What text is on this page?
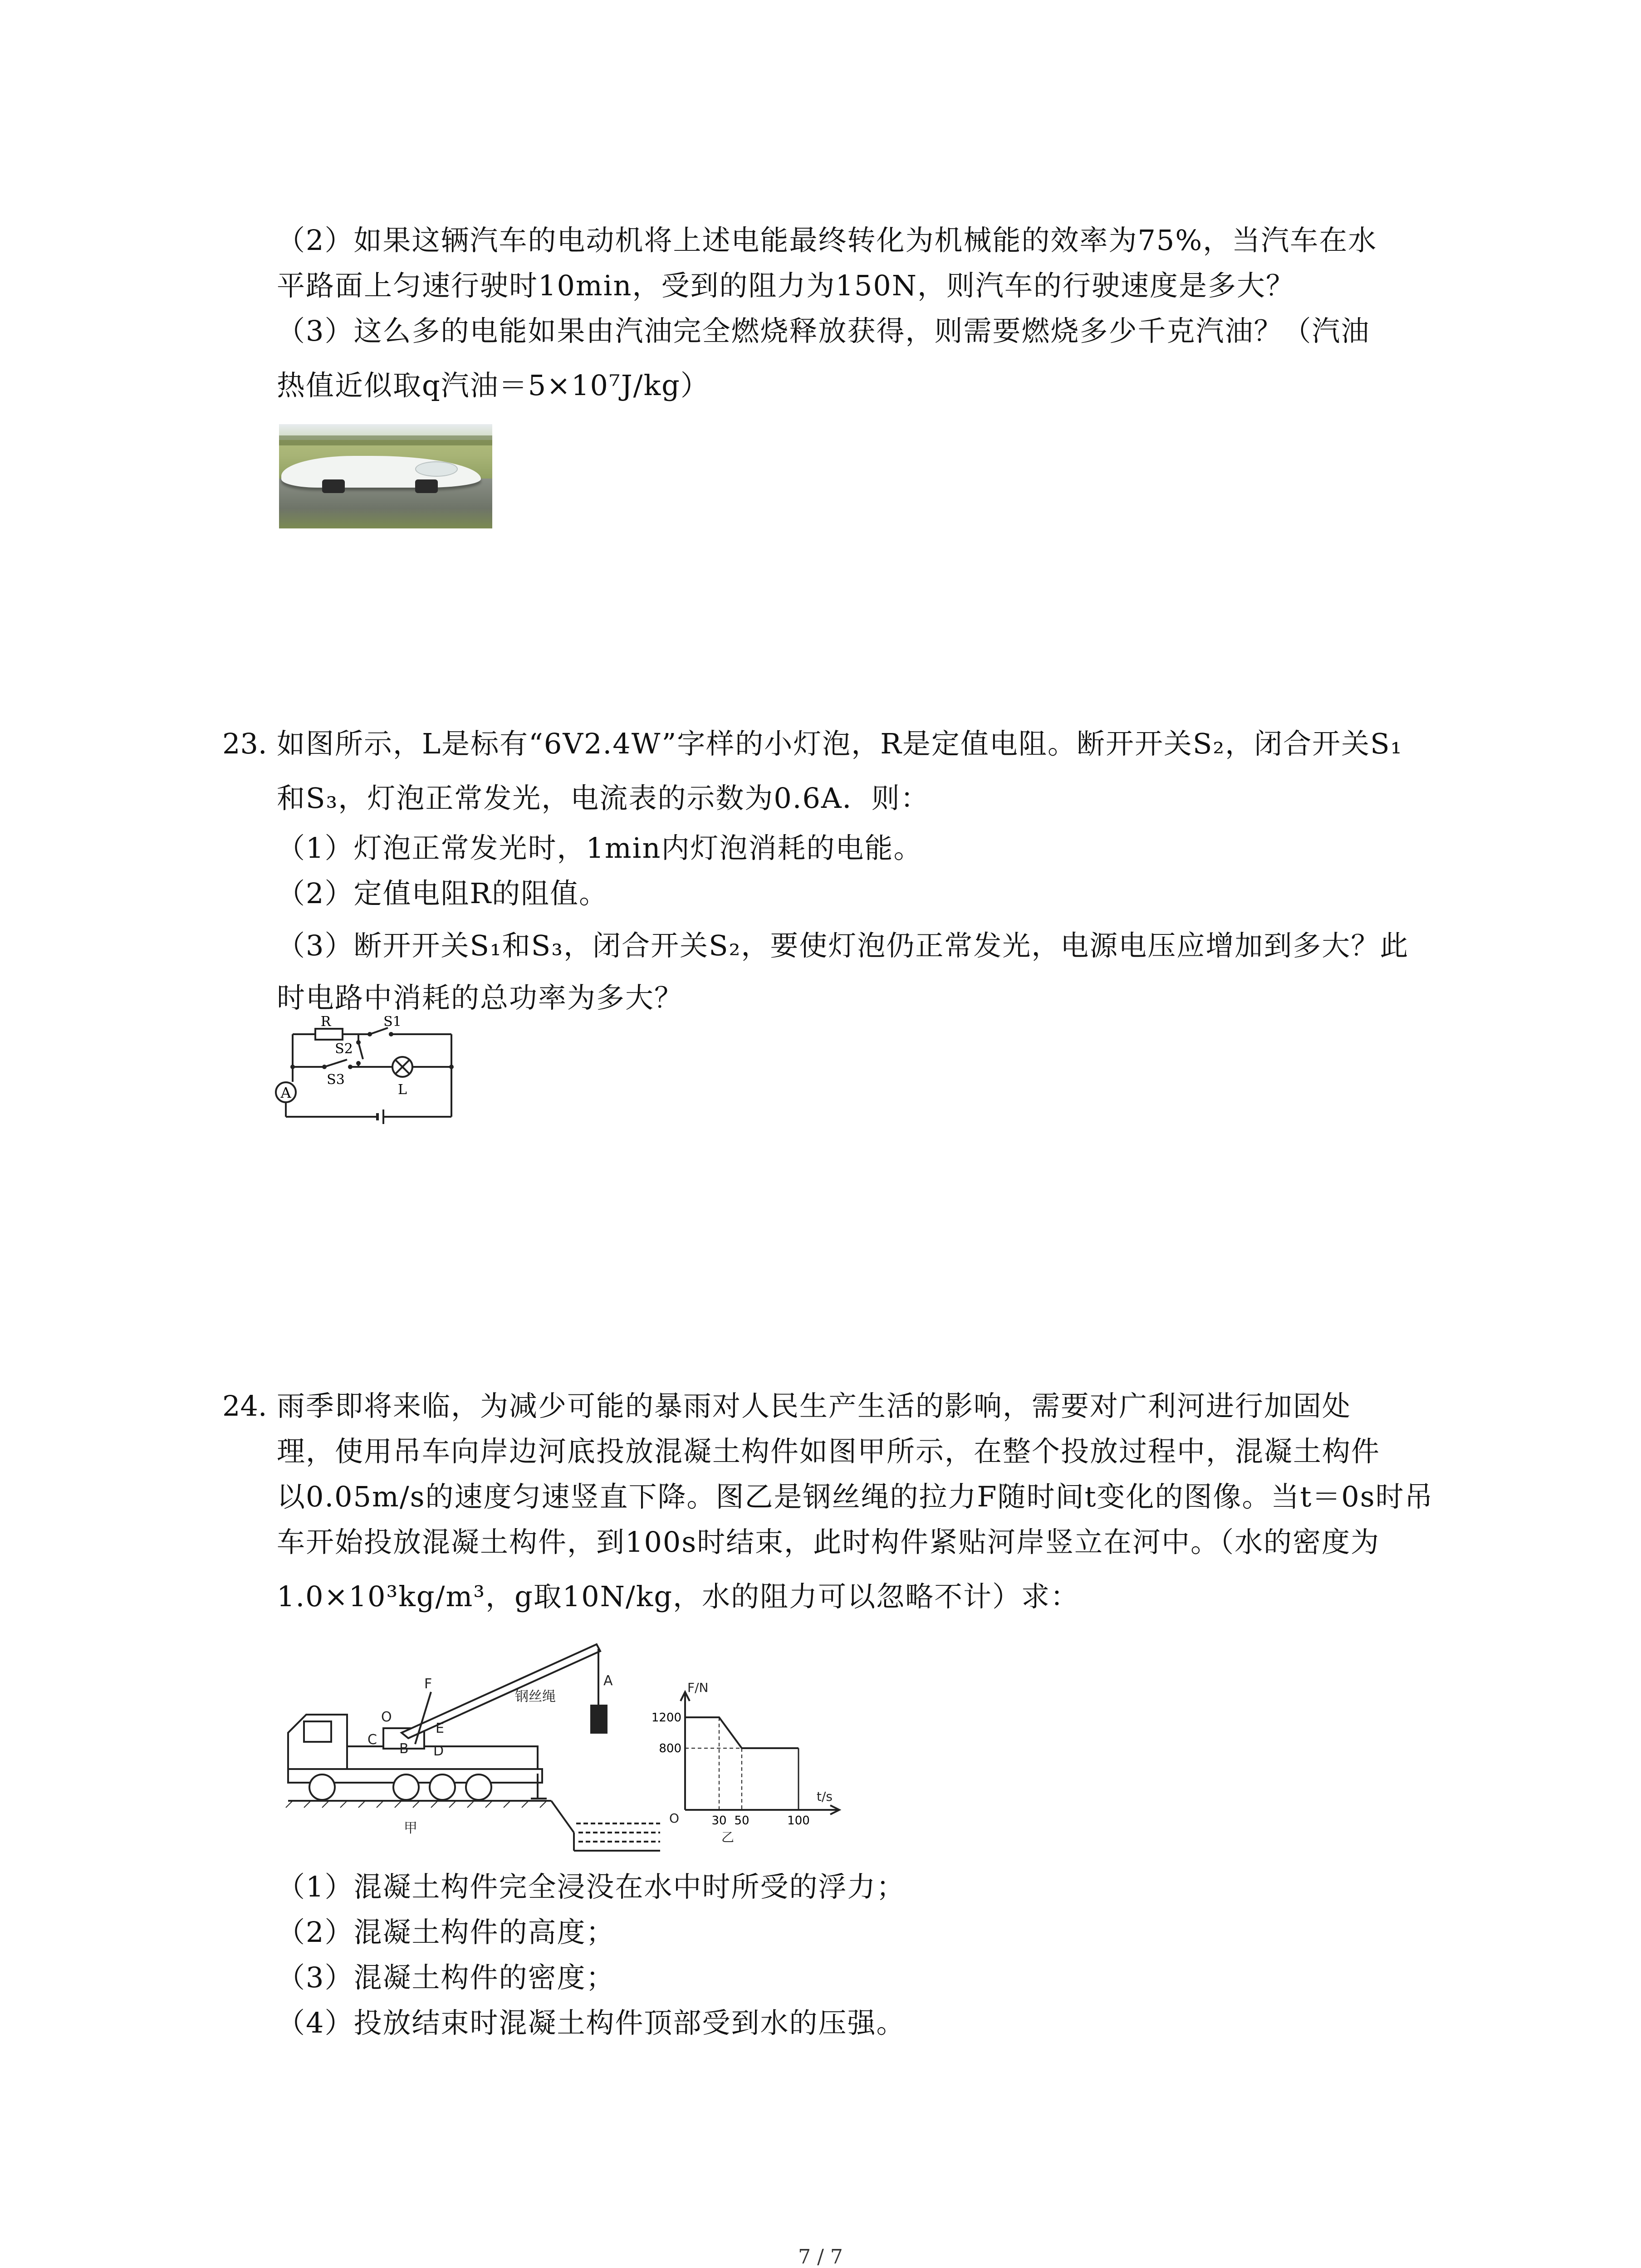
（2）如果这辆汽车的电动机将上述电能最终转化为机械能的效率为75%，当汽车在水
平路面上匀速行驶时10min，受到的阻力为150N，则汽车的行驶速度是多大？
（3）这么多的电能如果由汽油完全燃烧释放获得，则需要燃烧多少千克汽油？（汽油
热值近似取q汽油＝5×10⁷J/kg）
23. 如图所示，L是标有“6V2.4W”字样的小灯泡，R是定值电阻。断开开关S₂，闭合开关S₁
和S₃，灯泡正常发光，电流表的示数为0.6A．则：
（1）灯泡正常发光时，1min内灯泡消耗的电能。
（2）定值电阻R的阻值。
（3）断开开关S₁和S₃，闭合开关S₂，要使灯泡仍正常发光，电源电压应增加到多大？此
时电路中消耗的总功率为多大？
A
R
S2
S1
S3
L
24. 雨季即将来临，为减少可能的暴雨对人民生产生活的影响，需要对广利河进行加固处
理，使用吊车向岸边河底投放混凝土构件如图甲所示，在整个投放过程中，混凝土构件
以0.05m/s的速度匀速竖直下降。图乙是钢丝绳的拉力F随时间t变化的图像。当t＝0s时吊
车开始投放混凝土构件，到100s时结束，此时构件紧贴河岸竖立在河中。（水的密度为
1.0×10³kg/m³，g取10N/kg，水的阻力可以忽略不计）求：
O
F
E
D
C
B
A
钢丝绳
甲	30 50	100
1200
800
F/N
t/s
O
乙
（1）混凝土构件完全浸没在水中时所受的浮力；
（2）混凝土构件的高度；
（3）混凝土构件的密度；
（4）投放结束时混凝土构件顶部受到水的压强。
7 / 7
